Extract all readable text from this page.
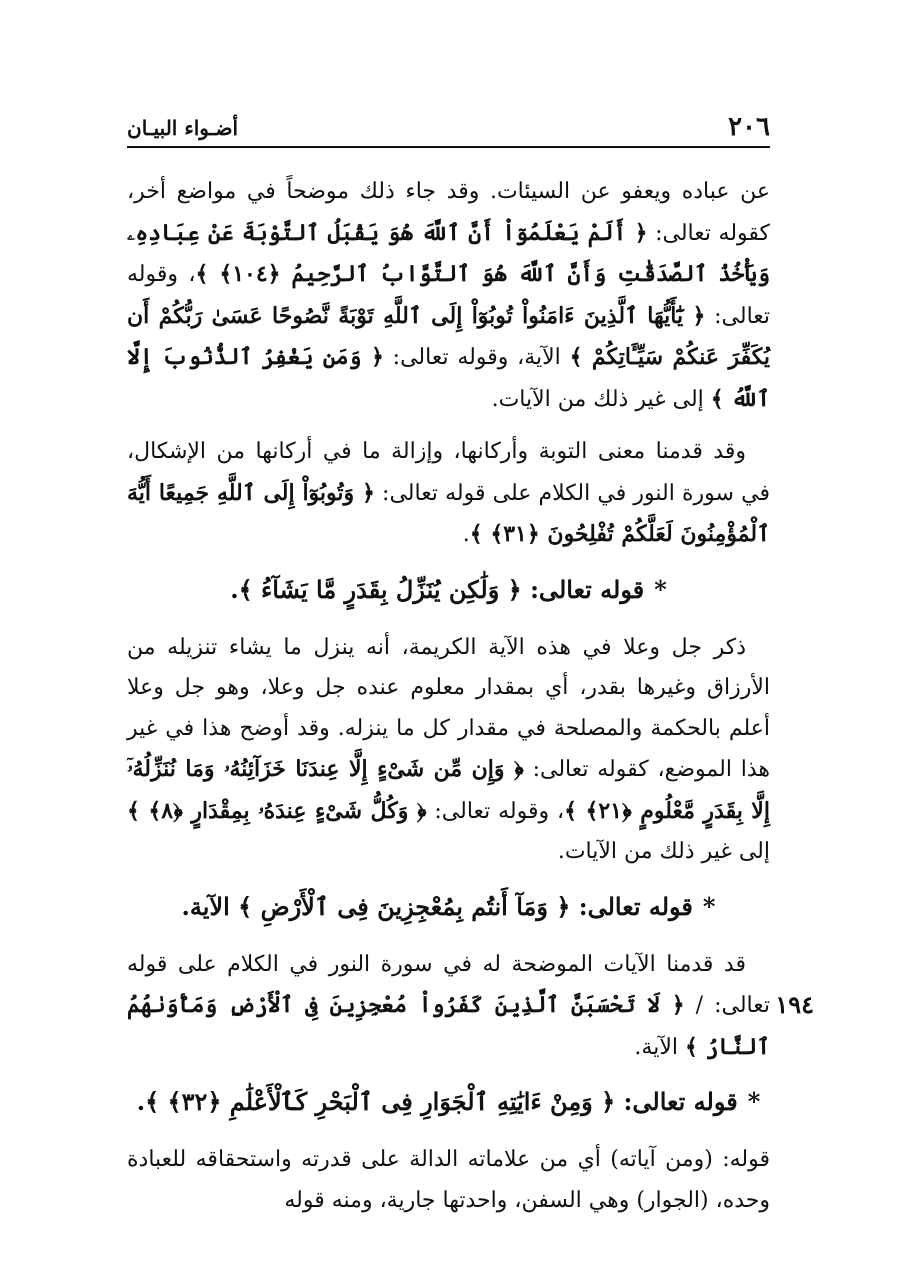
٢٠٦
أضـواء البيـان

عن عباده ويعفو عن السيئات. وقد جاء ذلك موضحاً في مواضع أخر، كقوله تعالى: ﴿ أَلَمْ يَعْلَمُوٓاْ أَنَّ ٱللَّهَ هُوَ يَقْبَلُ ٱلتَّوْبَةَ عَنْ عِبَادِهِۦ وَيَأْخُذُ ٱلصَّدَقَٰتِ وَأَنَّ ٱللَّهَ هُوَ ٱلتَّوَّابُ ٱلرَّحِيمُ ﴿١٠٤﴾ ﴾، وقوله تعالى: ﴿ يَٰٓأَيُّهَا ٱلَّذِينَ ءَامَنُواْ تُوبُوٓاْ إِلَى ٱللَّهِ تَوْبَةً نَّصُوحًا عَسَىٰ رَبُّكُمْ أَن يُكَفِّرَ عَنكُمْ سَيِّـَٔاتِكُمْ ﴾ الآية، وقوله تعالى: ﴿ وَمَن يَغْفِرُ ٱلذُّنُوبَ إِلَّا ٱللَّهُ ﴾ إلى غير ذلك من الآيات.

وقد قدمنا معنى التوبة وأركانها، وإزالة ما في أركانها من الإشكال، في سورة النور في الكلام على قوله تعالى: ﴿ وَتُوبُوٓاْ إِلَى ٱللَّهِ جَمِيعًا أَيُّهَ ٱلْمُؤْمِنُونَ لَعَلَّكُمْ تُفْلِحُونَ ﴿٣١﴾ ﴾.

*قوله تعالى: ﴿ وَلَٰكِن يُنَزِّلُ بِقَدَرٍ مَّا يَشَآءُ ﴾.

ذكر جل وعلا في هذه الآية الكريمة، أنه ينزل ما يشاء تنزيله من الأرزاق وغيرها بقدر، أي بمقدار معلوم عنده جل وعلا، وهو جل وعلا أعلم بالحكمة والمصلحة في مقدار كل ما ينزله. وقد أوضح هذا في غير هذا الموضع، كقوله تعالى: ﴿ وَإِن مِّن شَىْءٍ إِلَّا عِندَنَا خَزَآئِنُهُۥ وَمَا نُنَزِّلُهُۥٓ إِلَّا بِقَدَرٍ مَّعْلُومٍ ﴿٢١﴾ ﴾، وقوله تعالى: ﴿ وَكُلُّ شَىْءٍ عِندَهُۥ بِمِقْدَارٍ ﴿٨﴾ ﴾ إلى غير ذلك من الآيات.

*قوله تعالى: ﴿ وَمَآ أَنتُم بِمُعْجِزِينَ فِى ٱلْأَرْضِ ﴾ الآية.

١٩٤
قد قدمنا الآيات الموضحة له في سورة النور في الكلام على قوله تعالى: / ﴿ لَا تَحْسَبَنَّ ٱلَّذِينَ كَفَرُواْ مُعْجِزِينَ فِى ٱلْأَرْضِ وَمَأْوَىٰهُمُ ٱلنَّارُ ﴾ الآية.

*قوله تعالى: ﴿ وَمِنْ ءَايَٰتِهِ ٱلْجَوَارِ فِى ٱلْبَحْرِ كَٱلْأَعْلَٰمِ ﴿٣٢﴾ ﴾.

قوله: (ومن آياته) أي من علاماته الدالة على قدرته واستحقاقه للعبادة وحده، (الجوار) وهي السفن، واحدتها جارية، ومنه قوله
